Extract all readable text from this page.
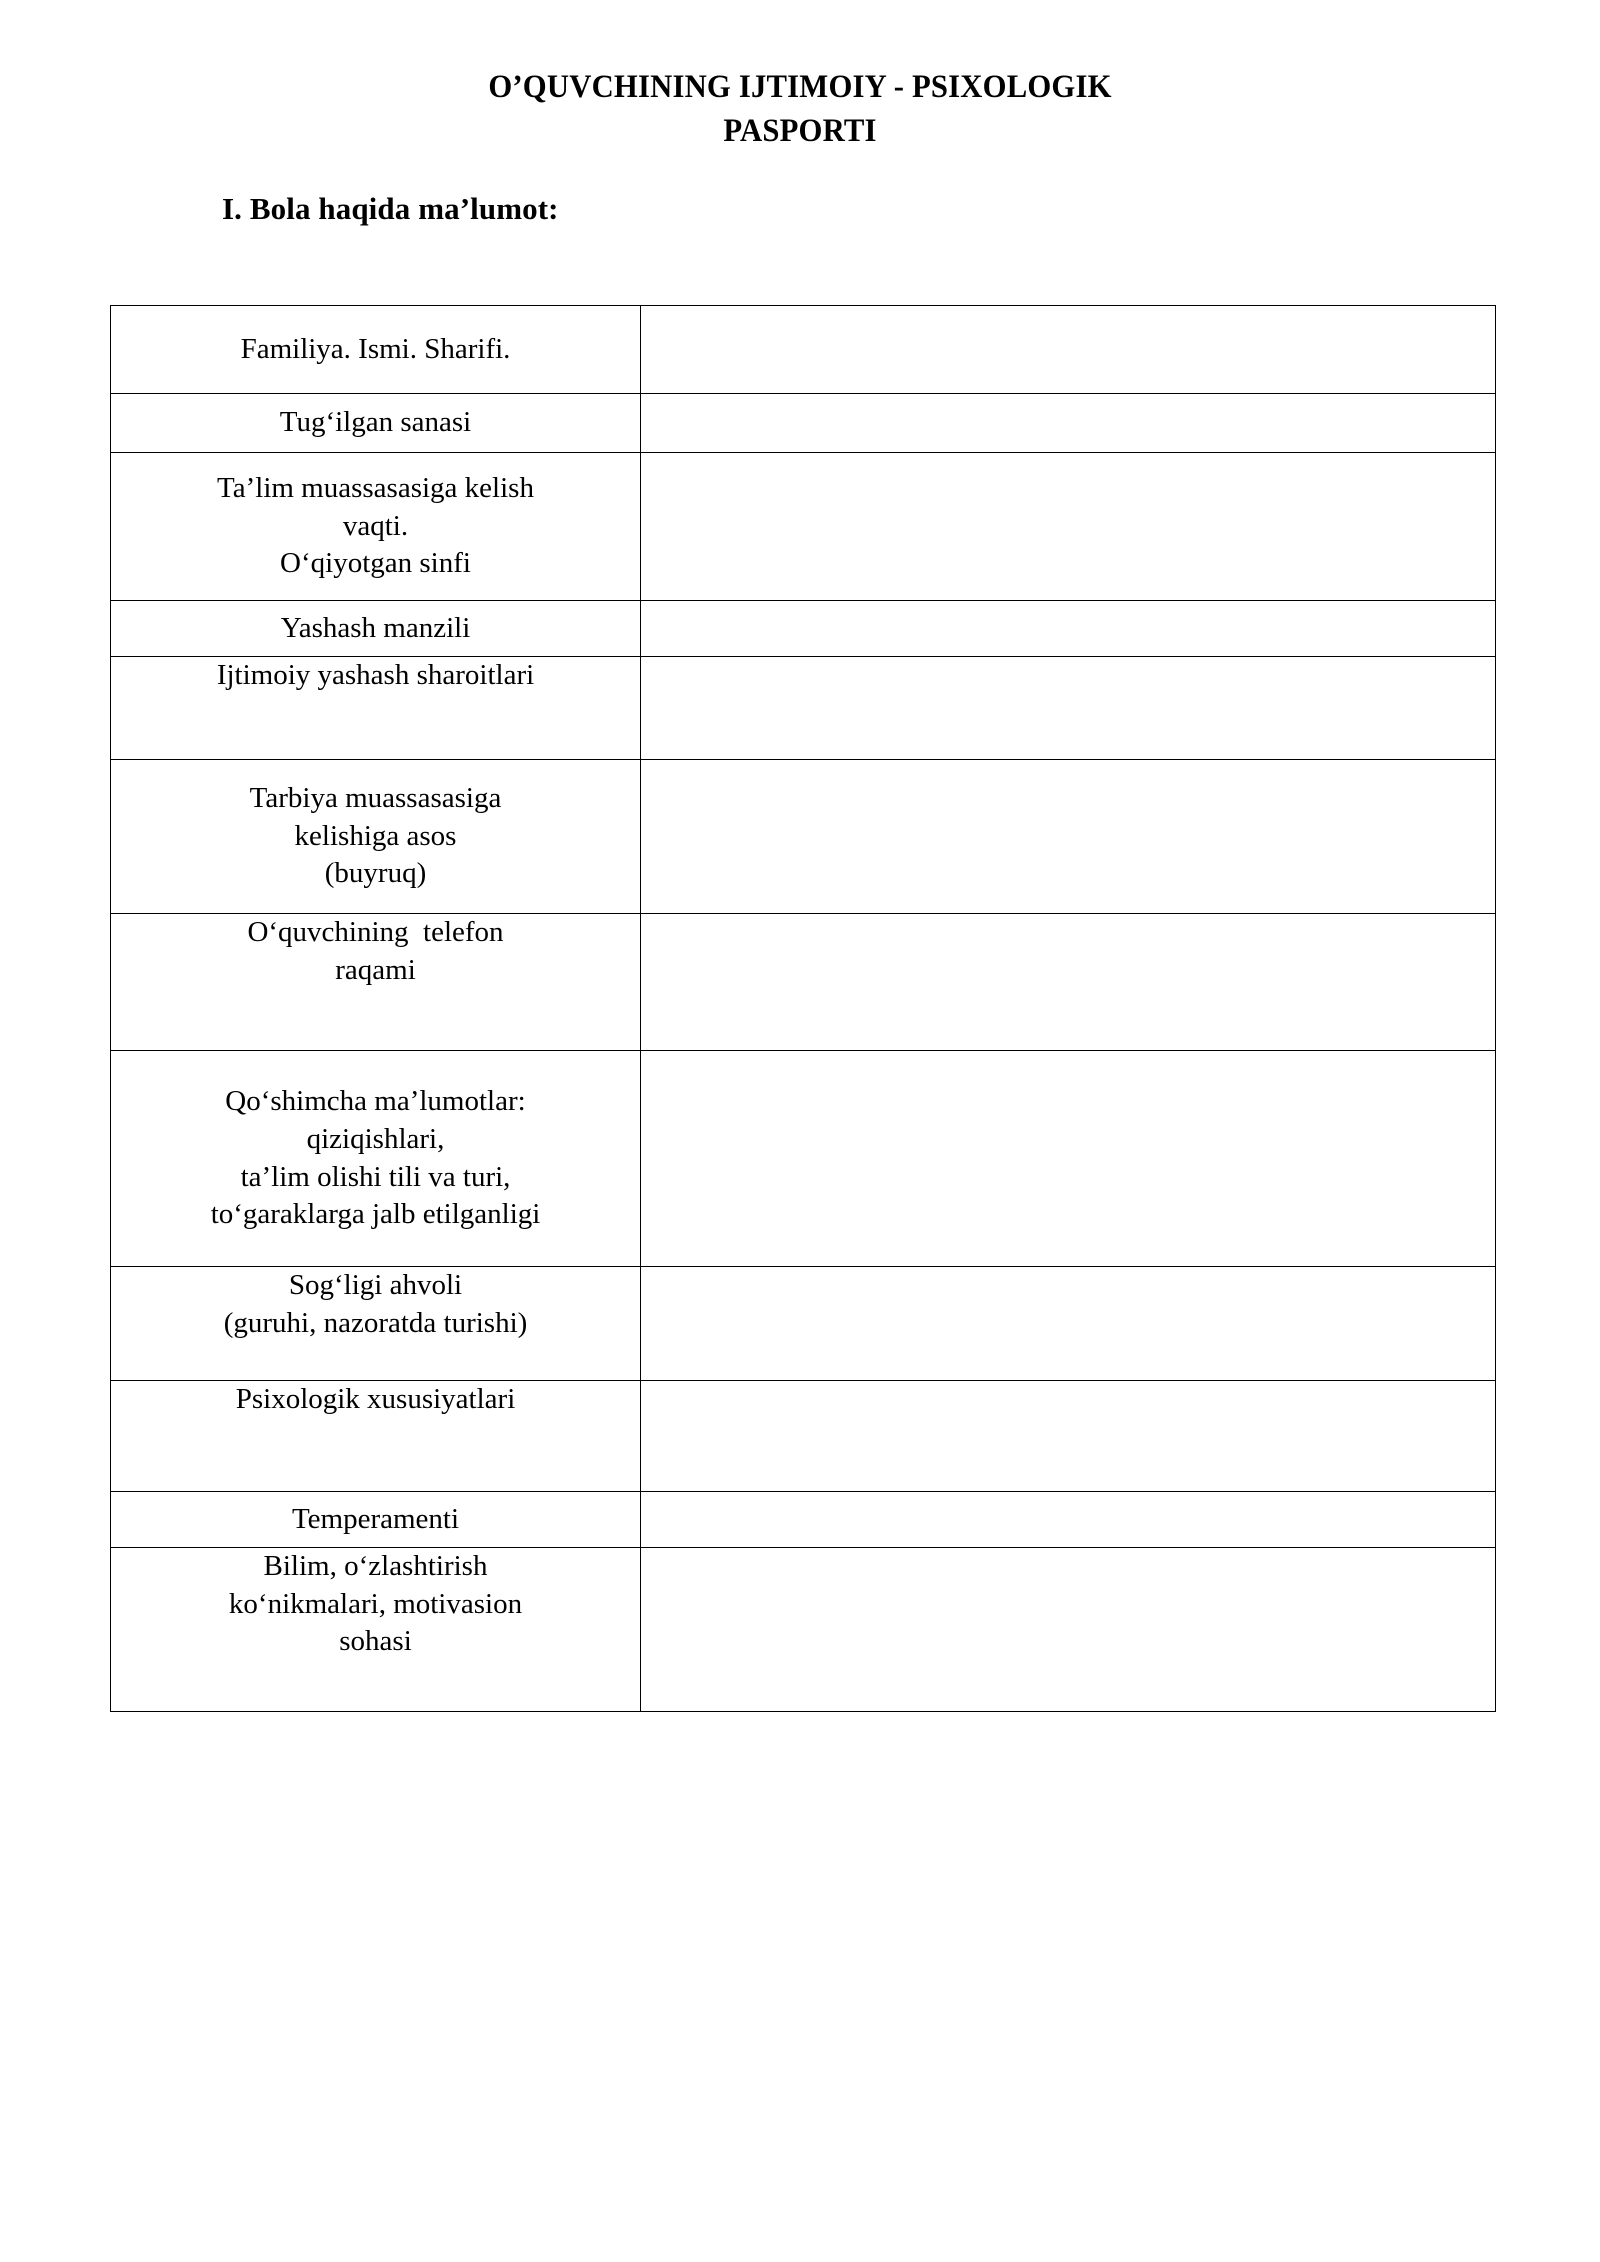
O’QUVCHINING IJTIMOIY - PSIXOLOGIK
PASPORTI
I. Bola haqida ma’lumot:
Familiya. Ismi. Sharifi.	

Tugʻilgan sanasi	

Ta’lim muassasasiga kelish
vaqti.
Oʻqiyotgan sinfi	

Yashash manzili	

Ijtimoiy yashash sharoitlari	

Tarbiya muassasasiga
kelishiga asos
(buyruq)	

Oʻquvchining  telefon
raqami	

Qoʻshimcha ma’lumotlar:
qiziqishlari,
ta’lim olishi tili va turi,
toʻgaraklarga jalb etilganligi	

Sogʻligi ahvoli
(guruhi, nazoratda turishi)	

Psixologik xususiyatlari	

Temperamenti	

Bilim, oʻzlashtirish
koʻnikmalari, motivasion
sohasi	
